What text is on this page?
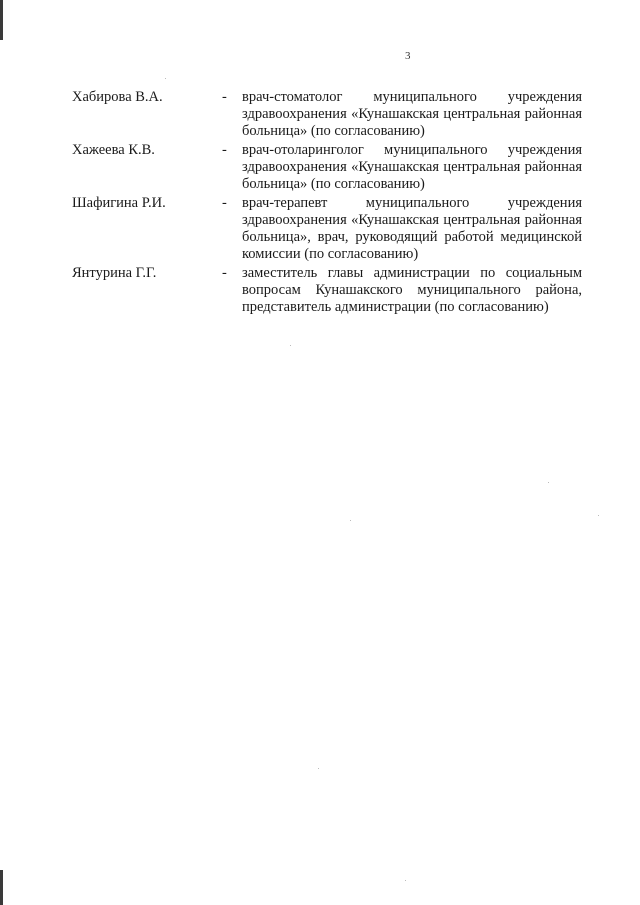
3
Хабирова В.А.	- врач-стоматолог муниципального учреждения здравоохранения «Кунашакская центральная районная больница» (по согласованию)
Хажеева К.В.	- врач-отоларинголог муниципального учреждения здравоохранения «Кунашакская центральная районная больница» (по согласованию)
Шафигина Р.И.	- врач-терапевт муниципального учреждения здравоохранения «Кунашакская центральная районная больница», врач, руководящий работой медицинской комиссии (по согласованию)
Янтурина Г.Г.	- заместитель главы администрации по социальным вопросам Кунашакского муниципального района, представитель администрации (по согласованию)
